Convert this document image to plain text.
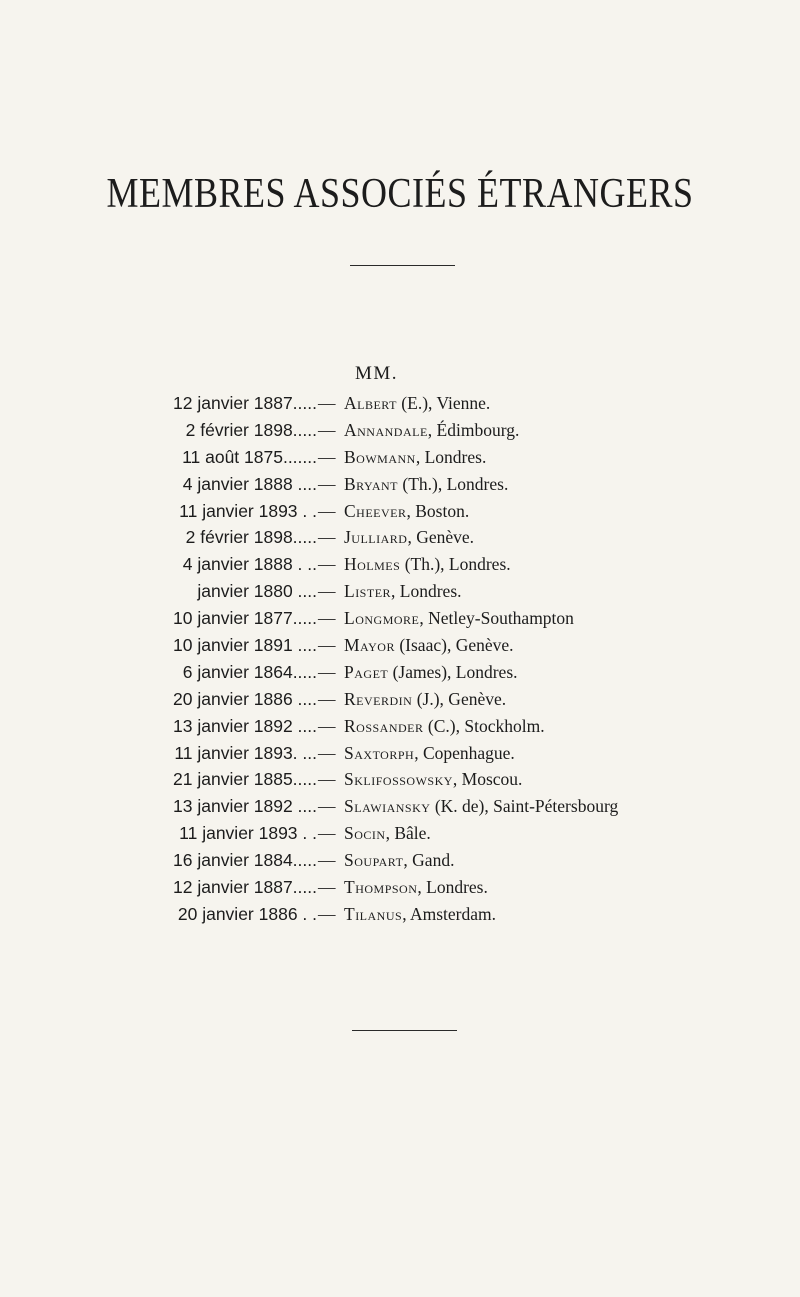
MEMBRES ASSOCIÉS ÉTRANGERS
MM.
12 janvier 1887..... — Albert (E.), Vienne.
2 février 1898..... — Annandale, Édimbourg.
11 août 1875....... — Bowmann, Londres.
4 janvier 1888 .... — Bryant (Th.), Londres.
11 janvier 1893 . . — Cheever, Boston.
2 février 1898..... — Julliard, Genève.
4 janvier 1888 . .. — Holmes (Th.), Londres.
janvier 1880 .... — Lister, Londres.
10 janvier 1877..... — Longmore, Netley-Southampton
10 janvier 1891 .... — Mayor (Isaac), Genève.
6 janvier 1864..... — Paget (James), Londres.
20 janvier 1886 .... — Reverdin (J.), Genève.
13 janvier 1892 .... — Rossander (C.), Stockholm.
11 janvier 1893. ... — Saxtorph, Copenhague.
21 janvier 1885..... — Sklifossowsky, Moscou.
13 janvier 1892 .... — Slawiansky (K. de), Saint-Pétersbourg
11 janvier 1893 . . — Socin, Bâle.
16 janvier 1884..... — Soupart, Gand.
12 janvier 1887..... — Thompson, Londres.
20 janvier 1886 . . — Tilanus, Amsterdam.
